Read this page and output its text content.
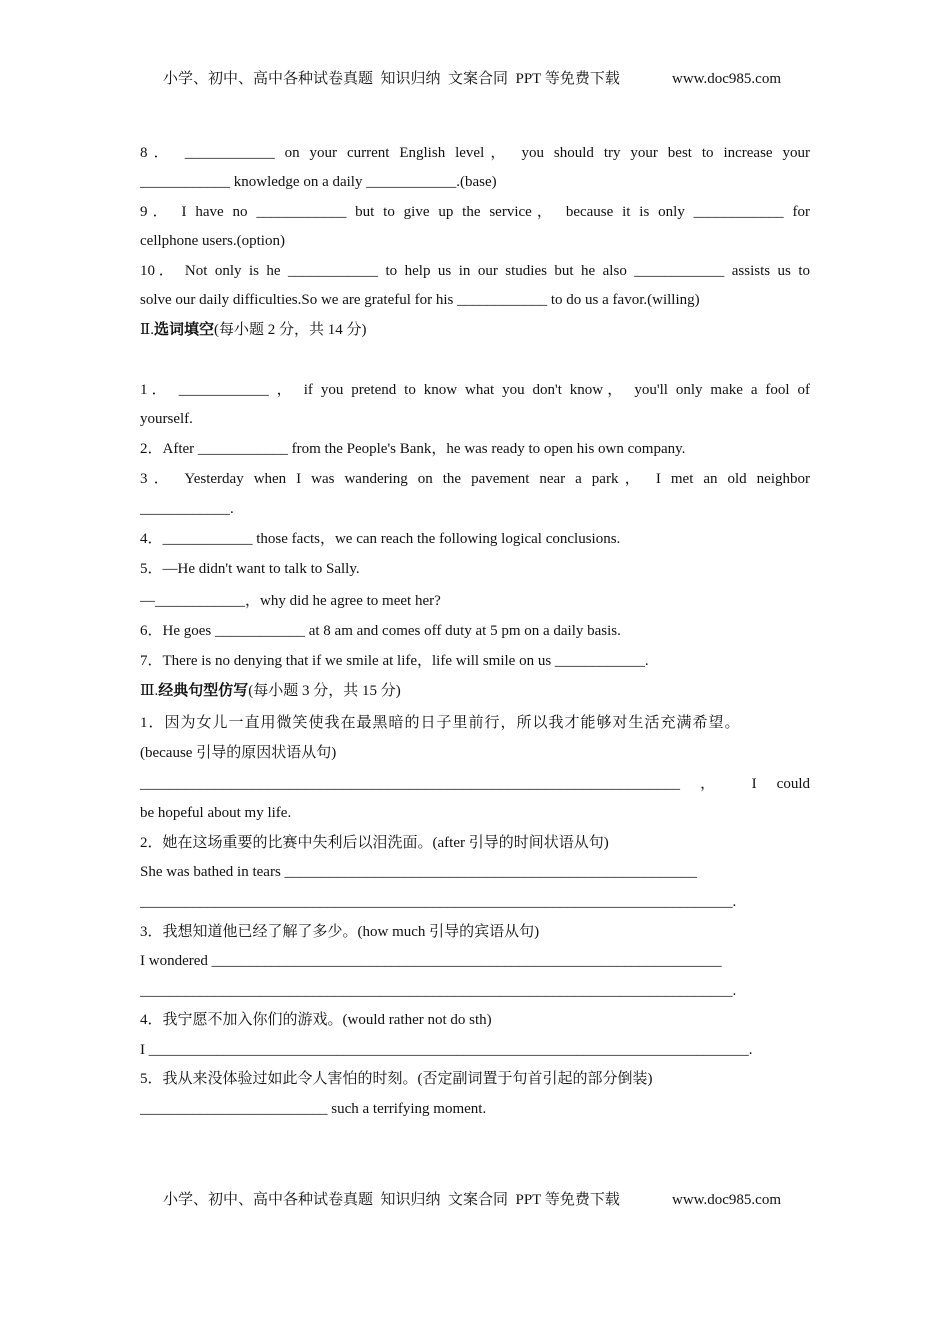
小学、初中、高中各种试卷真题  知识归纳  文案合同  PPT 等免费下载	www.doc985.com
8． ____________ on your current English level， you should try your best to increase your
____________ knowledge on a daily ____________.(base)
9． I have no ____________ but to give up the service， because it is only ____________ for
cellphone users.(option)
10． Not only is he ____________ to help us in our studies but he also ____________ assists us to
solve our daily difficulties.So we are grateful for his ____________ to do us a favor.(willing)
Ⅱ.选词填空(每小题 2 分，共 14 分)
1． ____________ ， if you pretend to know what you don't know， you'll only make a fool of
yourself.
2．After ____________ from the People's Bank，he was ready to open his own company.
3． Yesterday when I was wandering on the pavement near a park， I met an old neighbor
____________.
4．____________ those facts，we can reach the following logical conclusions.
5．—He didn't want to talk to Sally.
—____________，why did he agree to meet her?
6．He goes ____________ at 8 am and comes off duty at 5 pm on a daily basis.
7．There is no denying that if we smile at life，life will smile on us ____________.
Ⅲ.经典句型仿写(每小题 3 分，共 15 分)
1．因为女儿一直用微笑使我在最黑暗的日子里前行，所以我才能够对生活充满希望。
(because 引导的原因状语从句)
________________________________________________________________________ ， I could
be hopeful about my life.
2．她在这场重要的比赛中失利后以泪洗面。(after 引导的时间状语从句)
She was bathed in tears _______________________________________________________
_______________________________________________________________________________.
3．我想知道他已经了解了多少。(how much 引导的宾语从句)
I wondered ____________________________________________________________________
_______________________________________________________________________________.
4．我宁愿不加入你们的游戏。(would rather not do sth)
I ________________________________________________________________________________.
5．我从来没体验过如此令人害怕的时刻。(否定副词置于句首引起的部分倒装)
_________________________ such a terrifying moment.
小学、初中、高中各种试卷真题  知识归纳  文案合同  PPT 等免费下载	www.doc985.com
